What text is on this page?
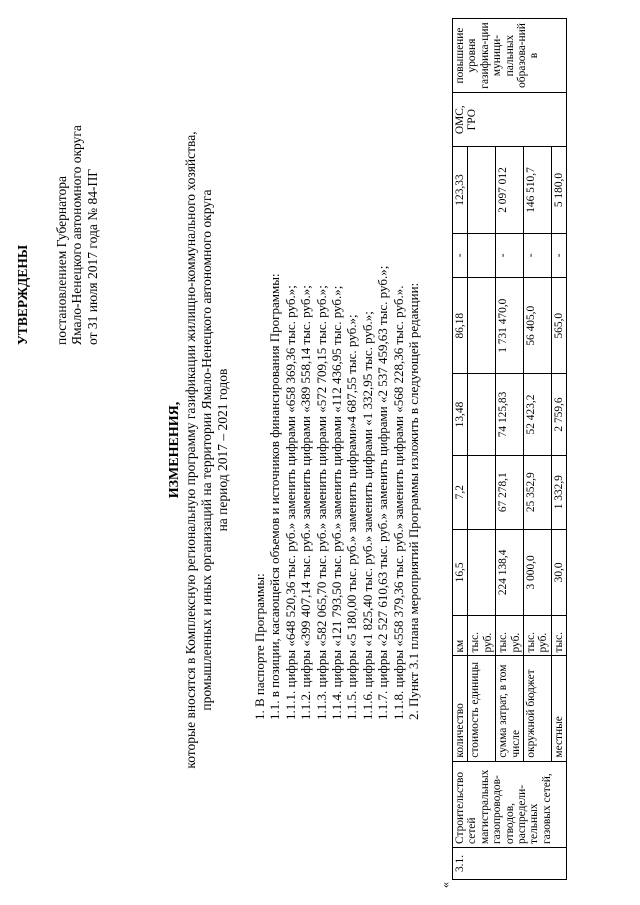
УТВЕРЖДЕНЫ постановлением Губернатора Ямало-Ненецкого автономного округа от 31 июля 2017 года № 84-ПГ
ИЗМЕНЕНИЯ, которые вносятся в Комплексную региональную программу газификации жилищно-коммунального хозяйства, промышленных и иных организаций на территории Ямало-Ненецкого автономного округа на период 2017 – 2021 годов

1. В паспорте Программы: 1.1. в позиции, касающейся объемов и источников финансирования Программы: 1.1.1. цифры «648 520,36 тыс. руб.» заменить цифрами «658 369,36 тыс. руб.»; 1.1.2. цифры «399 407,14 тыс. руб.» заменить цифрами «389 558,14 тыс. руб.»; 1.1.3. цифры «582 065,70 тыс. руб.» заменить цифрами «572 709,15 тыс. руб.»; 1.1.4. цифры «121 793,50 тыс. руб.» заменить цифрами «112 436,95 тыс. руб.»; 1.1.5. цифры «5 180,00 тыс. руб.» заменить цифрами»4 687,55 тыс. руб.»; 1.1.6. цифры «1 825,40 тыс. руб.» заменить цифрами «1 332,95 тыс. руб.»; 1.1.7. цифры «2 527 610,63 тыс. руб.» заменить цифрами «2 537 459,63 тыс. руб.»; 1.1.8. цифры «558 379,36 тыс. руб.» заменить цифрами «568 228,36 тыс. руб.». 2. Пункт 3.1 плана мероприятий Программы изложить в следующей редакции:

«
3.1.	Строительство сетей магистральных газопроводов-отводов, распредели-тельных газовых сетей,	количество	км	16,5	7,2	13,48	86,18	-	123,33	ОМС, ГРО	повышение уровня газифика-ции муници-пальных образова-ний в
		стоимость единицы	тыс. руб.								
		сумма затрат, в том числе	тыс. руб.	224 138,4	67 278,1	74 125,83	1 731 470,0	-	2 097 012		
		окружной бюджет	тыс. руб.	3 000,0	25 352,9	52 423,2	56 405,0	-	146 510,7		
		местные	тыс.	30,0	1 332,9	2 759,6	565,0	-	5 180,0		
